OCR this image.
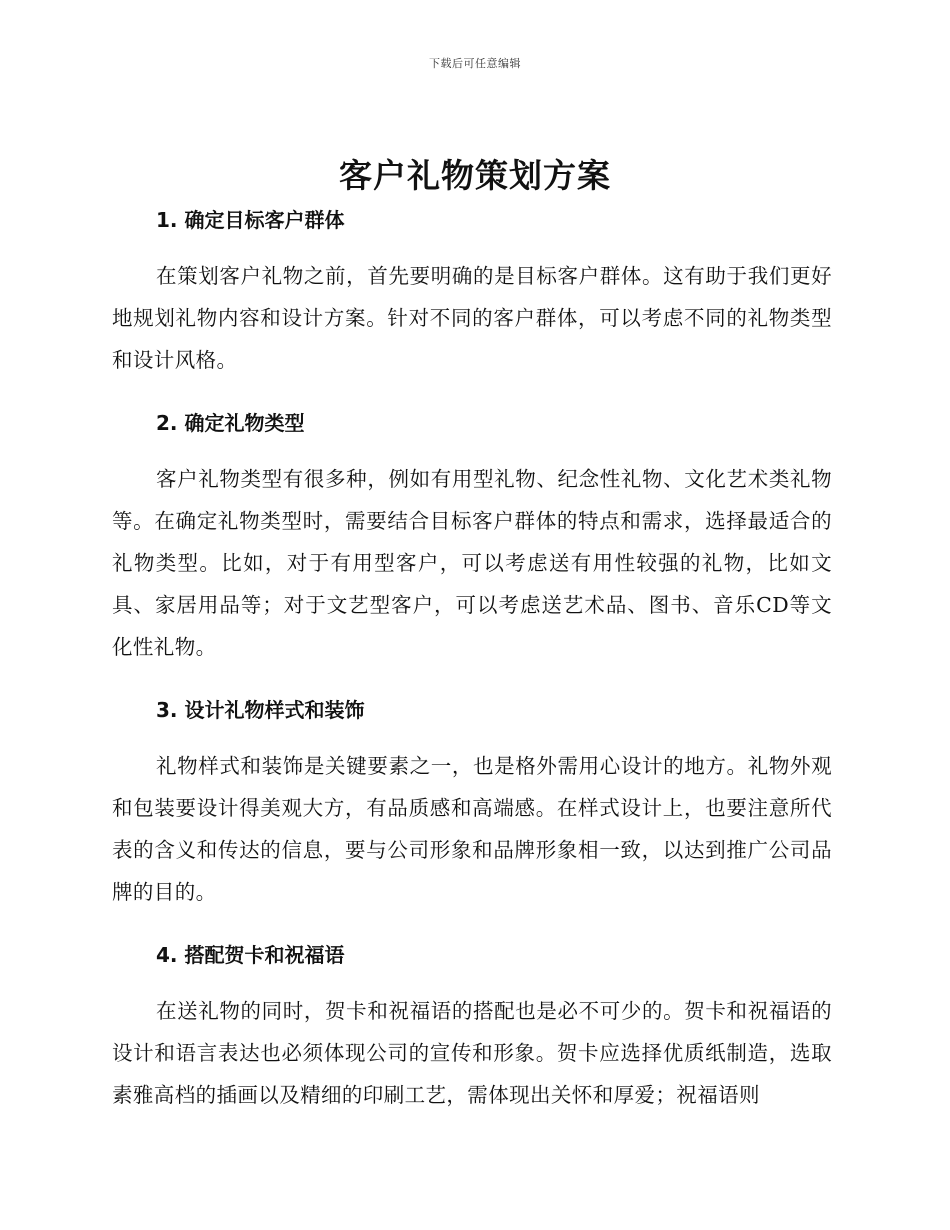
下载后可任意编辑
客户礼物策划方案
1. 确定目标客户群体

在策划客户礼物之前，首先要明确的是目标客户群体。这有助于我们更好地规划礼物内容和设计方案。针对不同的客户群体，可以考虑不同的礼物类型和设计风格。

2. 确定礼物类型

客户礼物类型有很多种，例如有用型礼物、纪念性礼物、文化艺术类礼物等。在确定礼物类型时，需要结合目标客户群体的特点和需求，选择最适合的礼物类型。比如，对于有用型客户，可以考虑送有用性较强的礼物，比如文具、家居用品等；对于文艺型客户，可以考虑送艺术品、图书、音乐CD等文化性礼物。

3. 设计礼物样式和装饰

礼物样式和装饰是关键要素之一，也是格外需用心设计的地方。礼物外观和包装要设计得美观大方，有品质感和高端感。在样式设计上，也要注意所代表的含义和传达的信息，要与公司形象和品牌形象相一致，以达到推广公司品牌的目的。

4. 搭配贺卡和祝福语

在送礼物的同时，贺卡和祝福语的搭配也是必不可少的。贺卡和祝福语的设计和语言表达也必须体现公司的宣传和形象。贺卡应选择优质纸制造，选取素雅高档的插画以及精细的印刷工艺，需体现出关怀和厚爱；祝福语则
